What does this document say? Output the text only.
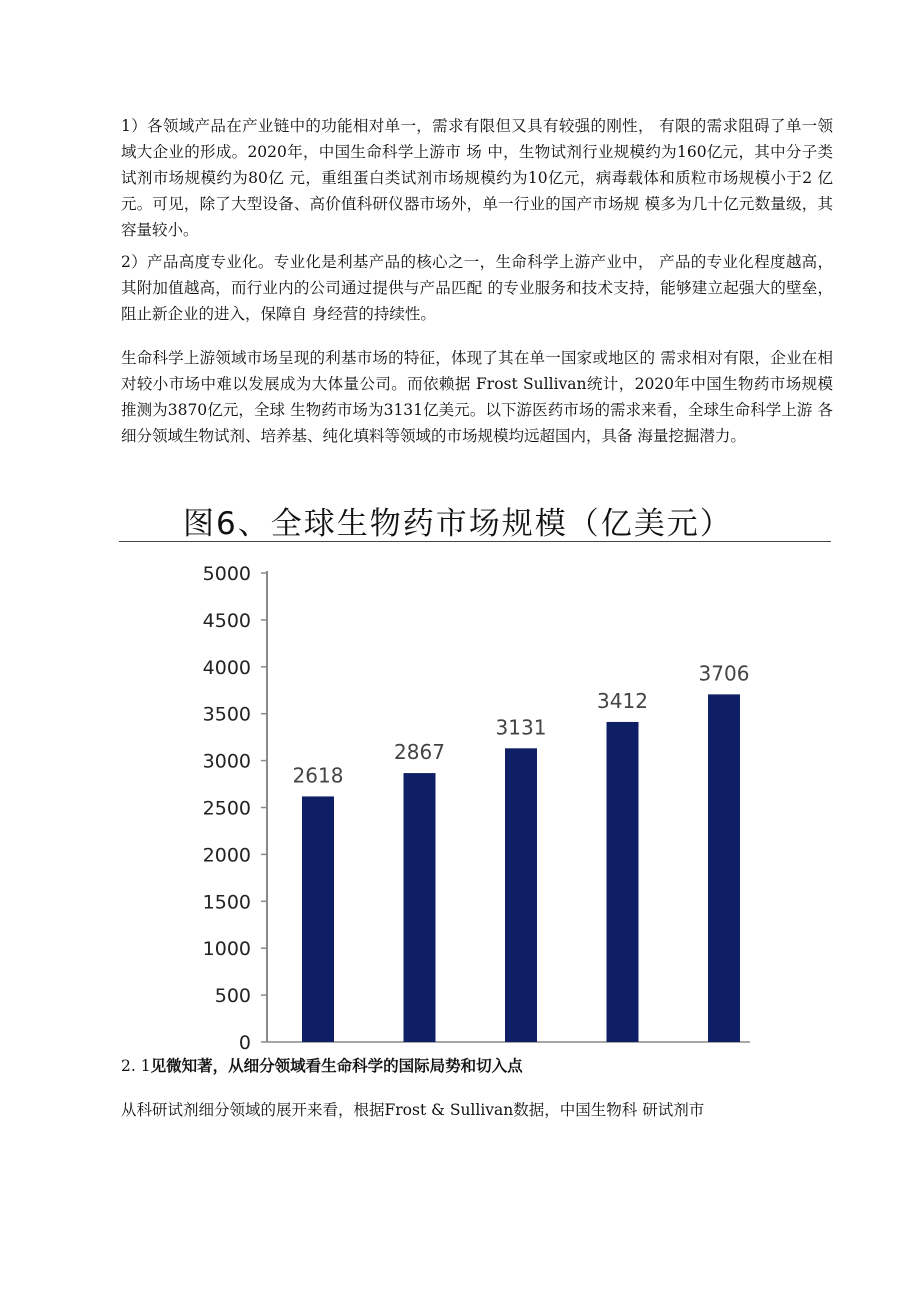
1）各领域产品在产业链中的功能相对单一，需求有限但又具有较强的刚性， 有限的需求阻碍了单一领域大企业的形成。2020年，中国生命科学上游市 场 中，生物试剂行业规模约为160亿元，其中分子类试剂市场规模约为80亿 元，重组蛋白类试剂市场规模约为10亿元，病毒载体和质粒市场规模小于2 亿元。可见，除了大型设备、高价值科研仪器市场外，单一行业的国产市场规 模多为几十亿元数量级，其容量较小。

2）产品高度专业化。专业化是利基产品的核心之一，生命科学上游产业中， 产品的专业化程度越高，其附加值越高，而行业内的公司通过提供与产品匹配 的专业服务和技术支持，能够建立起强大的壁垒，阻止新企业的进入，保障自 身经营的持续性。

生命科学上游领域市场呈现的利基市场的特征，体现了其在单一国家或地区的 需求相对有限，企业在相对较小市场中难以发展成为大体量公司。而依赖据 Frost Sullivan统计，2020年中国生物药市场规模推测为3870亿元，全球 生物药市场为3131亿美元。以下游医药市场的需求来看，全球生命科学上游 各细分领域生物试剂、培养基、纯化填料等领域的市场规模均远超国内，具备 海量挖掘潜力。

图6、全球生物药市场规模（亿美元）
0
500
1000
1500
2000
2500
3000
3500
4000
4500
5000
2618
2867
3131
3412
3706
2. 1见微知著，从细分领域看生命科学的国际局势和切入点

从科研试剂细分领域的展开来看，根据Frost & Sullivan数据，中国生物科 研试剂市
